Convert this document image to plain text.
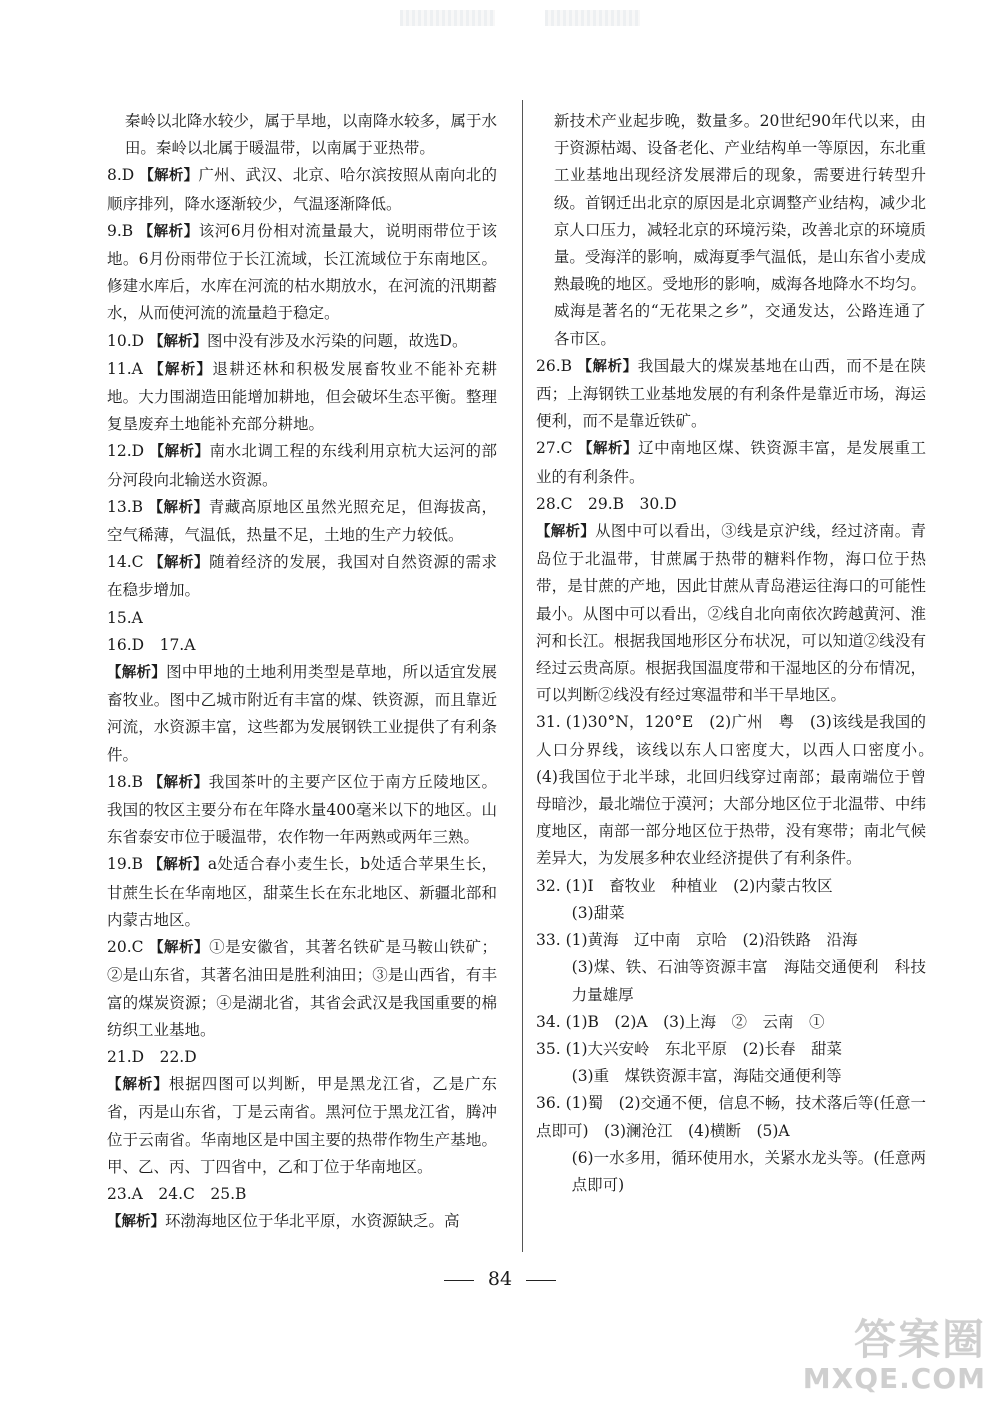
秦岭以北降水较少，属于旱地，以南降水较多，属于水田。秦岭以北属于暖温带，以南属于亚热带。

8.D 【解析】广州、武汉、北京、哈尔滨按照从南向北的顺序排列，降水逐渐较少，气温逐渐降低。

9.B 【解析】该河6月份相对流量最大，说明雨带位于该地。6月份雨带位于长江流域，长江流域位于东南地区。修建水库后，水库在河流的枯水期放水，在河流的汛期蓄水，从而使河流的流量趋于稳定。

10.D 【解析】图中没有涉及水污染的问题，故选D。

11.A 【解析】退耕还林和积极发展畜牧业不能补充耕地。大力围湖造田能增加耕地，但会破坏生态平衡。整理复垦废弃土地能补充部分耕地。

12.D 【解析】南水北调工程的东线利用京杭大运河的部分河段向北输送水资源。

13.B 【解析】青藏高原地区虽然光照充足，但海拔高，空气稀薄，气温低，热量不足，土地的生产力较低。

14.C 【解析】随着经济的发展，我国对自然资源的需求在稳步增加。

15.A

16.D　17.A

【解析】图中甲地的土地利用类型是草地，所以适宜发展畜牧业。图中乙城市附近有丰富的煤、铁资源，而且靠近河流，水资源丰富，这些都为发展钢铁工业提供了有利条件。

18.B 【解析】我国茶叶的主要产区位于南方丘陵地区。我国的牧区主要分布在年降水量400毫米以下的地区。山东省泰安市位于暖温带，农作物一年两熟或两年三熟。

19.B 【解析】a处适合春小麦生长，b处适合苹果生长，甘蔗生长在华南地区，甜菜生长在东北地区、新疆北部和内蒙古地区。

20.C 【解析】①是安徽省，其著名铁矿是马鞍山铁矿；②是山东省，其著名油田是胜利油田；③是山西省，有丰富的煤炭资源；④是湖北省，其省会武汉是我国重要的棉纺织工业基地。

21.D　22.D

【解析】根据四图可以判断，甲是黑龙江省，乙是广东省，丙是山东省，丁是云南省。黑河位于黑龙江省，腾冲位于云南省。华南地区是中国主要的热带作物生产基地。甲、乙、丙、丁四省中，乙和丁位于华南地区。

23.A　24.C　25.B

【解析】环渤海地区位于华北平原，水资源缺乏。高

新技术产业起步晚，数量多。20世纪90年代以来，由于资源枯竭、设备老化、产业结构单一等原因，东北重工业基地出现经济发展滞后的现象，需要进行转型升级。首钢迁出北京的原因是北京调整产业结构，减少北京人口压力，减轻北京的环境污染，改善北京的环境质量。受海洋的影响，威海夏季气温低，是山东省小麦成熟最晚的地区。受地形的影响，威海各地降水不均匀。威海是著名的“无花果之乡”，交通发达，公路连通了各市区。

26.B 【解析】我国最大的煤炭基地在山西，而不是在陕西；上海钢铁工业基地发展的有利条件是靠近市场，海运便利，而不是靠近铁矿。

27.C 【解析】辽中南地区煤、铁资源丰富，是发展重工业的有利条件。

28.C　29.B　30.D

【解析】从图中可以看出，③线是京沪线，经过济南。青岛位于北温带，甘蔗属于热带的糖料作物，海口位于热带，是甘蔗的产地，因此甘蔗从青岛港运往海口的可能性最小。从图中可以看出，②线自北向南依次跨越黄河、淮河和长江。根据我国地形区分布状况，可以知道②线没有经过云贵高原。根据我国温度带和干湿地区的分布情况，可以判断②线没有经过寒温带和半干旱地区。

31. (1)30°N，120°E　(2)广州　粤　(3)该线是我国的人口分界线，该线以东人口密度大，以西人口密度小。　(4)我国位于北半球，北回归线穿过南部；最南端位于曾母暗沙，最北端位于漠河；大部分地区位于北温带、中纬度地区，南部一部分地区位于热带，没有寒带；南北气候差异大，为发展多种农业经济提供了有利条件。

32. (1)Ⅰ　畜牧业　种植业　(2)内蒙古牧区

(3)甜菜

33. (1)黄海　辽中南　京哈　(2)沿铁路　沿海

(3)煤、铁、石油等资源丰富　海陆交通便利　科技力量雄厚

34. (1)B　(2)A　(3)上海　②　云南　①

35. (1)大兴安岭　东北平原　(2)长春　甜菜

(3)重　煤铁资源丰富，海陆交通便利等

36. (1)蜀　(2)交通不便，信息不畅，技术落后等(任意一点即可)　(3)澜沧江　(4)横断　(5)A

(6)一水多用，循环使用水，关紧水龙头等。(任意两点即可)

84
答案圈
MXQE.COM
